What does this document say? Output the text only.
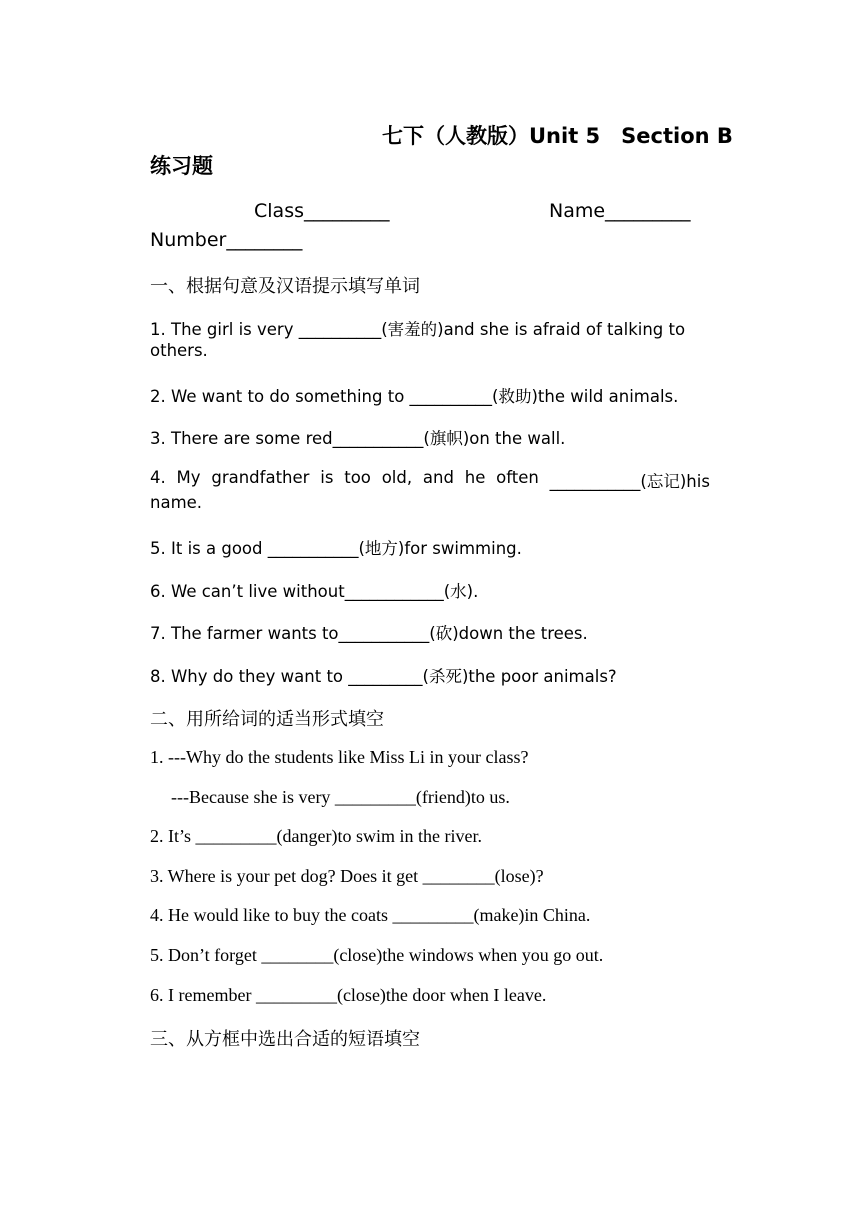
七下（人教版）Unit 5　Section B
练习题
Class_________	Name_________
Number________
一、根据句意及汉语提示填写单词
1. The girl is very __________(害羞的)and she is afraid of talking to
others.
2. We want to do something to __________(救助)the wild animals.
3. There are some red___________(旗帜)on the wall.
4. My grandfather is too old, and he often ___________(忘记)his
name.
5. It is a good ___________(地方)for swimming.
6. We can’t live without____________(水).
7. The farmer wants to___________(砍)down the trees.
8. Why do they want to _________(杀死)the poor animals?
二、用所给词的适当形式填空
1. ---Why do the students like Miss Li in your class?
---Because she is very _________(friend)to us.
2. It’s _________(danger)to swim in the river.
3. Where is your pet dog? Does it get ________(lose)?
4. He would like to buy the coats _________(make)in China.
5. Don’t forget ________(close)the windows when you go out.
6. I remember _________(close)the door when I leave.
三、从方框中选出合适的短语填空
